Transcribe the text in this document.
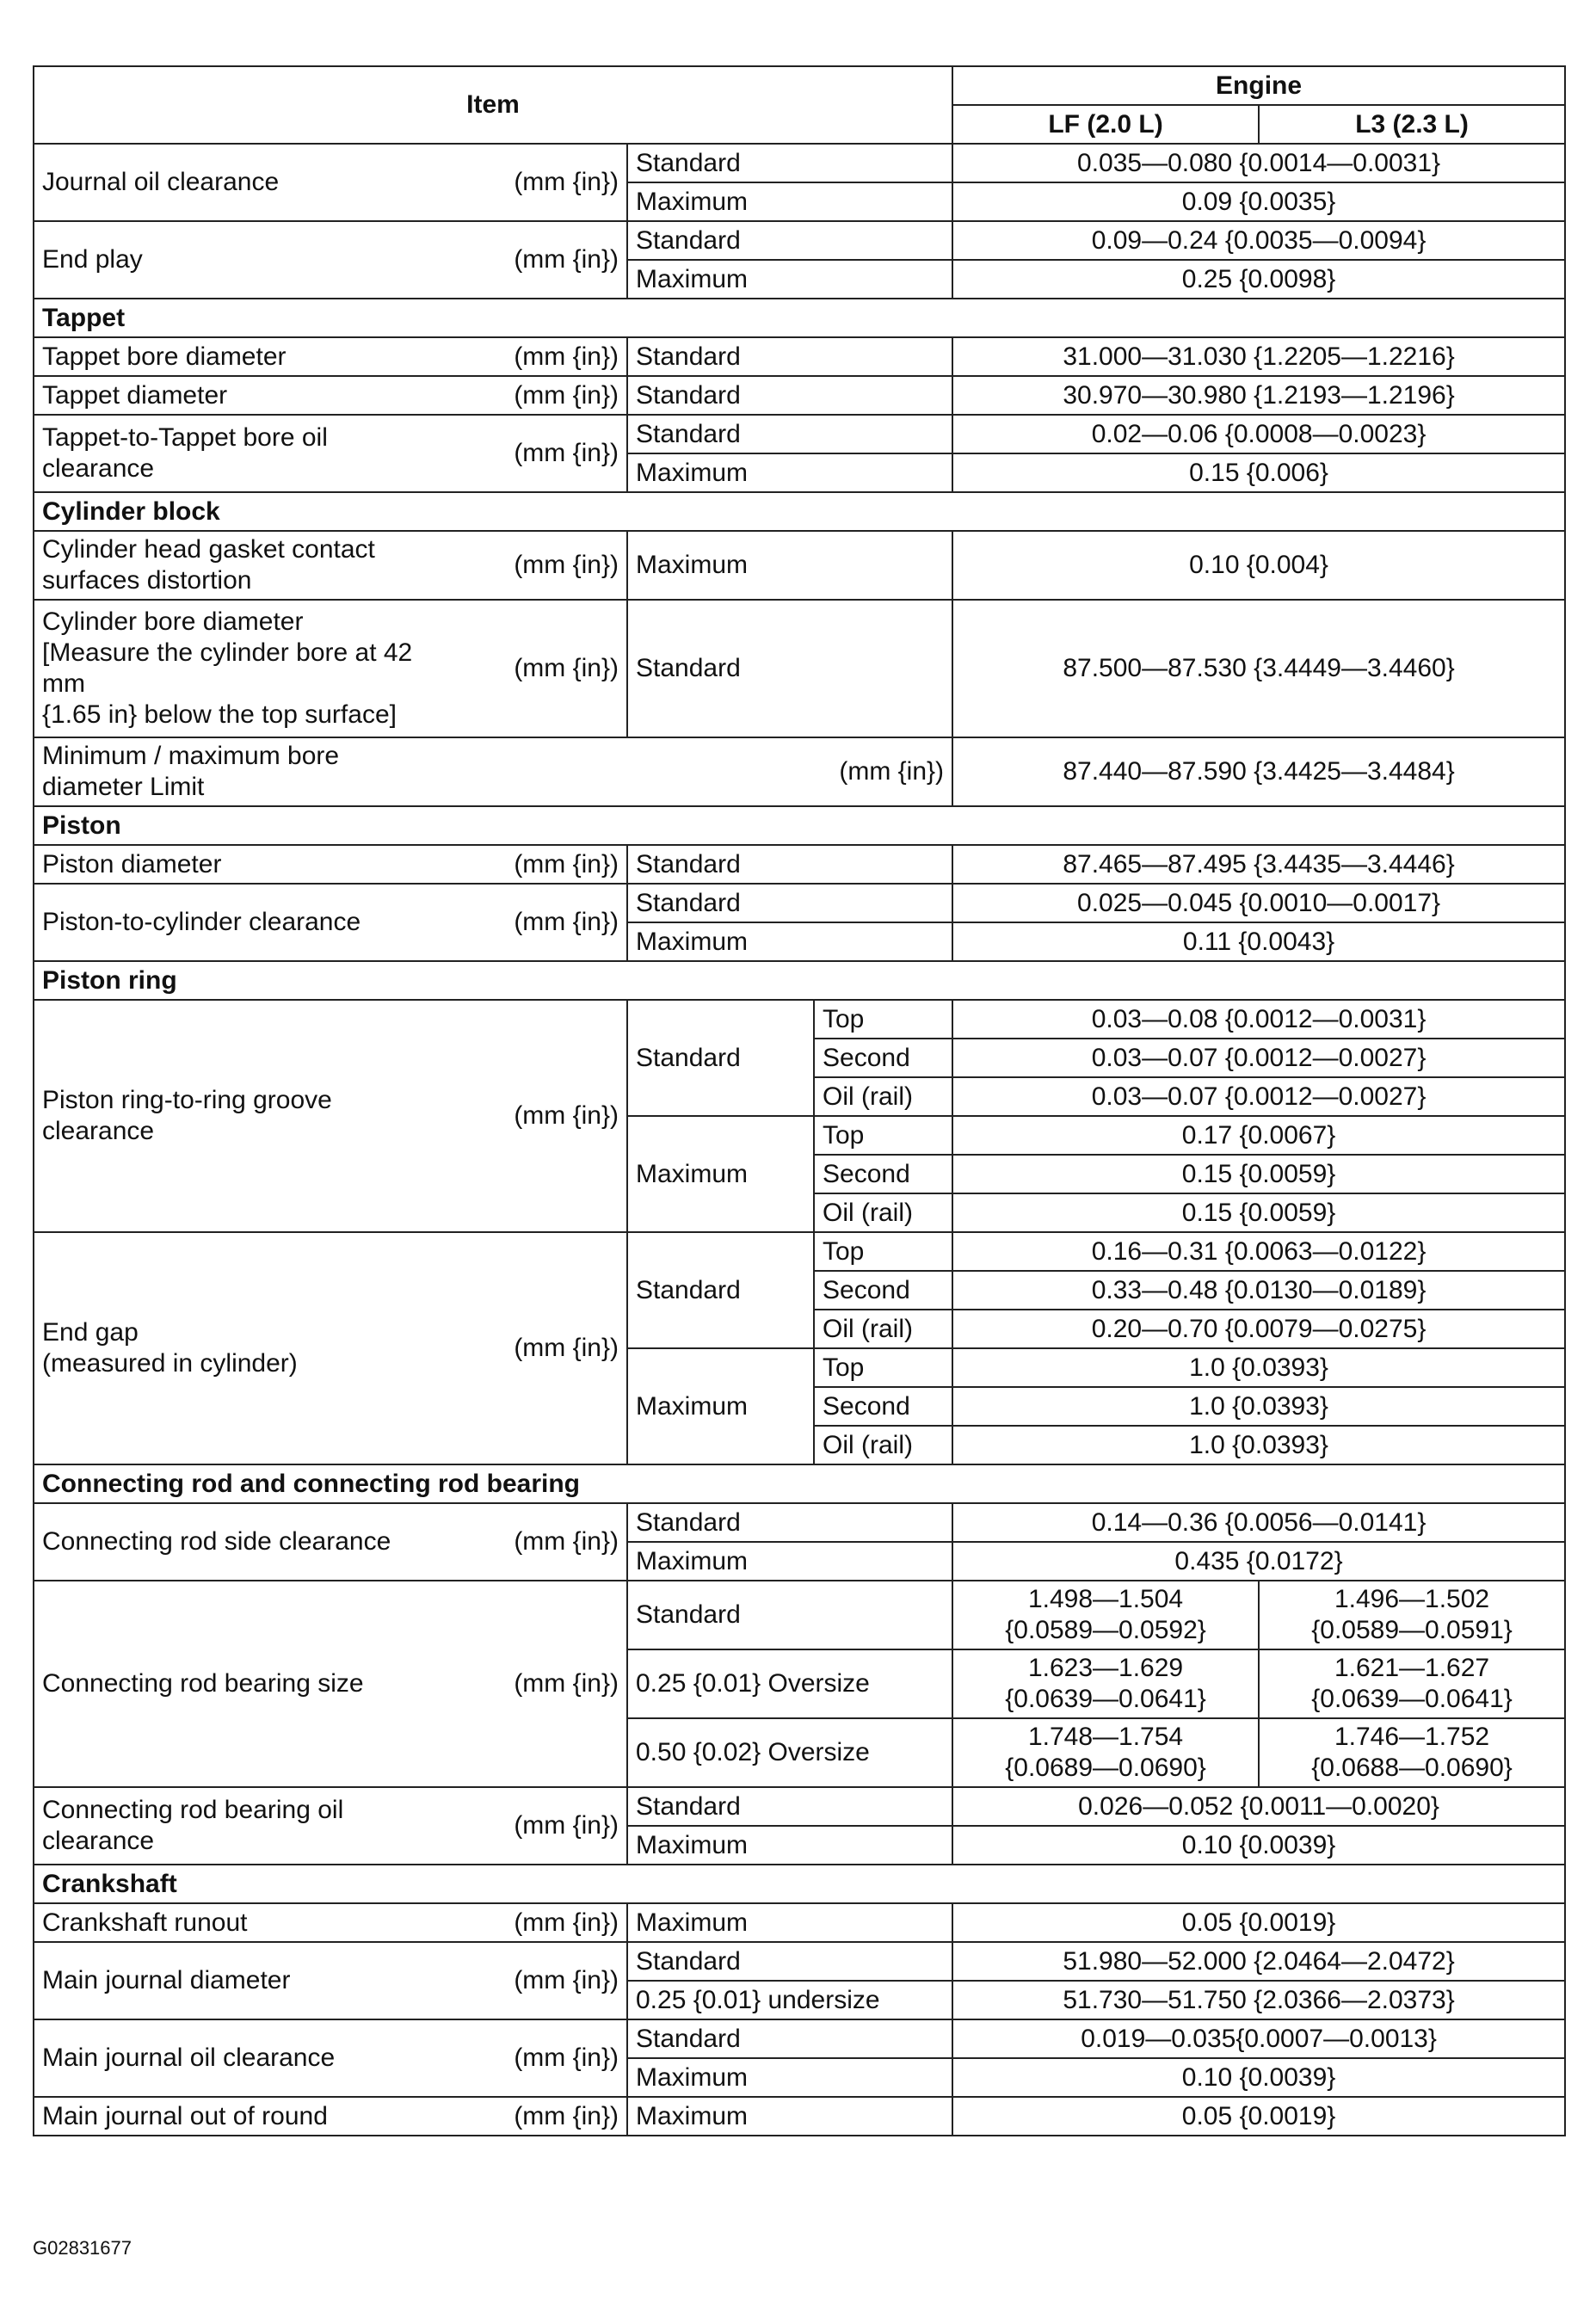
Item			Engine	
			LF (2.0 L)	L3 (2.3 L)

Journal oil clearance (mm {in})	Standard		0.035—0.080 {0.0014—0.0031}	
	Maximum		0.09 {0.0035}	

End play (mm {in})	Standard		0.09—0.24 {0.0035—0.0094}	
	Maximum		0.25 {0.0098}	
Tappet				

Tappet bore diameter (mm {in})	Standard		31.000—31.030 {1.2205—1.2216}	

Tappet diameter (mm {in})	Standard		30.970—30.980 {1.2193—1.2196}	

Tappet-to-Tappet bore oil
clearance
(mm {in})	Standard		0.02—0.06 {0.0008—0.0023}	
	Maximum		0.15 {0.006}	
Cylinder block				

Cylinder head gasket contact
surfaces distortion
(mm {in})	Maximum		0.10 {0.004}	

Cylinder bore diameter
[Measure the cylinder bore at 42
mm
{1.65 in} below the top surface]
(mm {in})	Standard		87.500—87.530 {3.4449—3.4460}	

Minimum / maximum bore
diameter Limit
(mm {in})			87.440—87.590 {3.4425—3.4484}	
Piston				

Piston diameter (mm {in})	Standard		87.465—87.495 {3.4435—3.4446}	

Piston-to-cylinder clearance (mm {in})	Standard		0.025—0.045 {0.0010—0.0017}	
	Maximum		0.11 {0.0043}	
Piston ring				

Piston ring-to-ring groove
clearance
(mm {in})	Standard	Top	0.03—0.08 {0.0012—0.0031}	
		Second	0.03—0.07 {0.0012—0.0027}	
		Oil (rail)	0.03—0.07 {0.0012—0.0027}	
	Maximum	Top	0.17 {0.0067}	
		Second	0.15 {0.0059}	
		Oil (rail)	0.15 {0.0059}	

End gap
(measured in cylinder)
(mm {in})	Standard	Top	0.16—0.31 {0.0063—0.0122}	
		Second	0.33—0.48 {0.0130—0.0189}	
		Oil (rail)	0.20—0.70 {0.0079—0.0275}	
	Maximum	Top	1.0 {0.0393}	
		Second	1.0 {0.0393}	
		Oil (rail)	1.0 {0.0393}	
Connecting rod and connecting rod bearing				

Connecting rod side clearance (mm {in})	Standard		0.14—0.36 {0.0056—0.0141}	
	Maximum		0.435 {0.0172}	

Connecting rod bearing size (mm {in})	Standard		1.498—1.504
{0.0589—0.0592}	1.496—1.502
{0.0589—0.0591}
	0.25 {0.01} Oversize		1.623—1.629
{0.0639—0.0641}	1.621—1.627
{0.0639—0.0641}
	0.50 {0.02} Oversize		1.748—1.754
{0.0689—0.0690}	1.746—1.752
{0.0688—0.0690}

Connecting rod bearing oil
clearance
(mm {in})	Standard		0.026—0.052 {0.0011—0.0020}	
	Maximum		0.10 {0.0039}	
Crankshaft				

Crankshaft runout (mm {in})	Maximum		0.05 {0.0019}	

Main journal diameter (mm {in})	Standard		51.980—52.000 {2.0464—2.0472}	
	0.25 {0.01} undersize		51.730—51.750 {2.0366—2.0373}	

Main journal oil clearance (mm {in})	Standard		0.019—0.035{0.0007—0.0013}	
	Maximum		0.10 {0.0039}	

Main journal out of round (mm {in})	Maximum		0.05 {0.0019}	
G02831677
